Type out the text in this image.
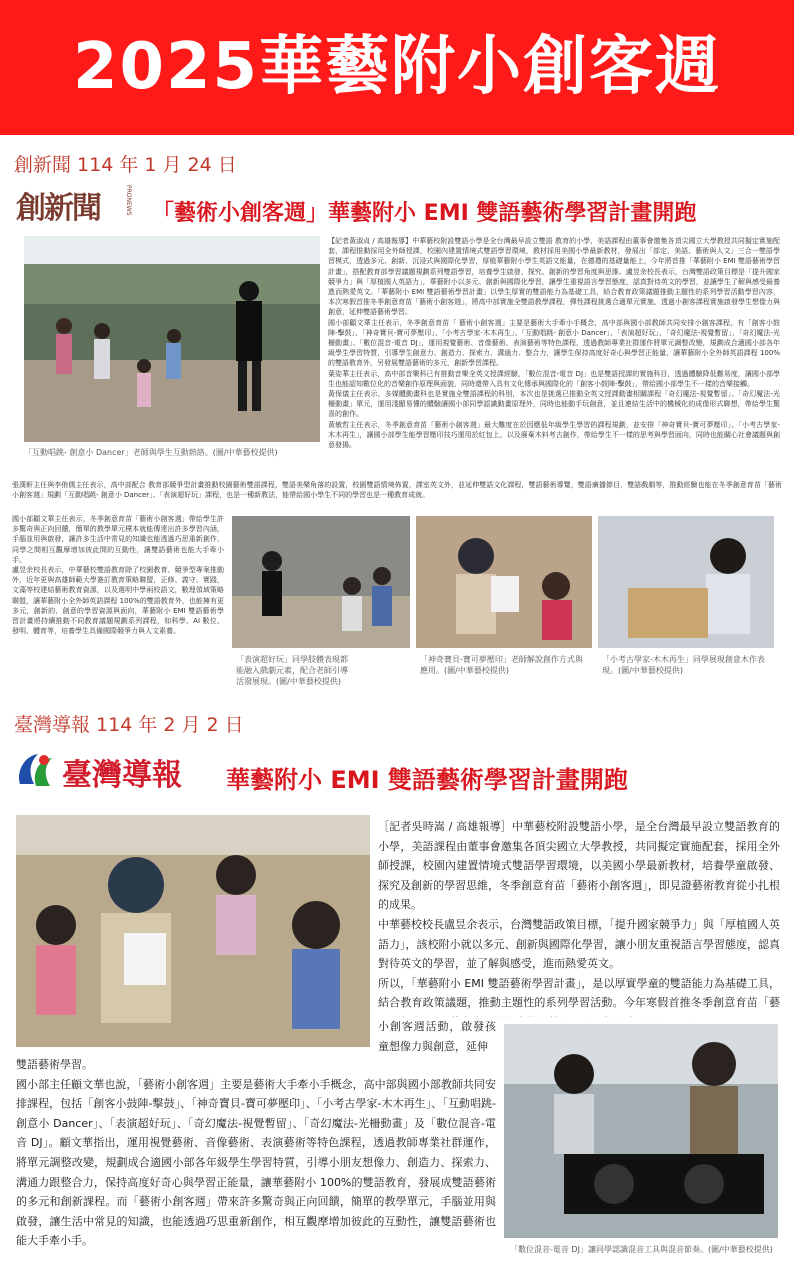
2025華藝附小創客週
創新聞 114 年 1 月 24 日
創新聞	PRONEWS 「藝術小創客週」華藝附小 EMI 雙語藝術學習計畫開跑
「互動唱跳- 創意小 Dancer」老師與學生互動熱絡。(圖/中華藝校提供)

【記者黃淑貞 / 高雄報導】中華藝校附設雙語小學是全台灣最早設立雙語 教育的小學，美語課程由董事會邀集各頂尖國立大學教授共同擬定實施配套，課程推動採用全外師授課，校園內建置情境式雙語學習環境，教材採用美國小學最新教材，發展出「部定、美語、藝術與人文」三合一雙語學習模式，透過多元、創新、沉浸式與國際化學習，厚植華藝附小學生英語文能量，在德禮的基礎量能上，今年將首推「華藝附小 EMI 雙語藝術學習計畫」，搭配教育部學習議題規劃系列雙語學習，培養學生啟發、探究、創新的學習角度與思維。盧昱余校長表示，台灣雙語政策目標是「提升國家競爭力」與「厚植國人英語力」，華藝附小以多元、創新與國際化學習，讓學生重視語言學習態度，認真對待英文的學習，並讓學生了解與感受最養進而熱愛英文。「華藝附小 EMI 雙語藝術學習計畫」以學生厚實的雙語能力為基礎工具，結合教育政策議題推動主題性的系列學習活動學習內容，本次寒假首推冬季創意育苗「藝術小創客週」，將高中部實施全雙語教學課程，彈性課程挑選合適單元實施，透過小創客課程實施啟發學生想像力與創意，延伸雙語藝術學習。

國小部顧文華主任表示，冬季創意育苗「 藝術小創客週」主要是藝術大手牽小手概念，高中部與國小部教師共同安排小創客課程，有「創客小鼓陣-擊鼓」、「神奇寶貝-寶可夢壓印」、「小考古學家-木木再生」、「互動唱跳- 創意小 Dancer」、「表演超好玩」、「奇幻魔法-視覺暫留」、「奇幻魔法-光柵動畫」、「數位混音-電音 DJ」，運用視覺藝術、音像藝術、表演藝術等特色課程，透過教師專業社群運作將單元調整改變，規劃成合適國小部各年級學生學習特質，引導學生創意力、創造力、探索力、溝通力、整合力，讓學生保持高度好奇心與學習正能量，讓華藝附小全外師英語課程 100%的雙語教育外，另發展雙語藝術的多元，創新學習課程。

葉姿華主任表示，高中部音樂科已有推動音樂全英文授課經驗，「數位混音-電音 DJ」也是雙語授課的實施科目，透過體驗降低難易度，讓國小部學生也能認知數位化的音樂創作原理與面貌，同時還帶入具有文化傳承與國際化的「創客小鼓陣-擊鼓」，帶給國小部學生不一樣的音樂接觸。

黃保儀主任表示，多媒體動畫科也是實施全雙語課程的科別，本次也是挑選已推動全英文授課動畫相關課程「奇幻魔法-視覺暫留」、「奇幻魔法-光柵動畫」單元，運用淺顯易懂的體驗讓國小部同學認識動畫原理外，同時也能動手玩創意，並且連結生活中的機械化的成像形式聯想，帶給學生驚喜的創作。

黃敏哲主任表示，冬季創意育苗「藝術小創客週」最大難度在於因應低年級學生學習的課程規劃，並安排「神奇寶貝-寶可夢壓印」、「小考古學家-木木再生」，讓國小部學生能學習壓印技巧運用於紅包上，以及廢棄木料考古創作，帶給學生不一樣的思考與學習面向，同時也能關心社會議題與創意發揚。

張漢軒主任與李侑儒主任表示，高中部配合 教育部競爭型計畫推動校園藝術雙語課程，雙語美樂角落的設置，校園雙語情境佈置，課室英文外，並延伸雙語文化課程，雙語藝術導覽，雙語廣播節目，雙語戲劇等，推動經驗也能在冬季創意育苗「藝術小創客週」規劃「互動唱跳- 創意小 Dancer」、「表演超好玩」課程，也是一種新教法，能帶給國小學生不同的學習也是一種教育成就。

國小部顧文華主任表示，冬季創意育苗「藝術小創客週」帶給學生許多驚奇與正向回饋，簡單的教學單元樸本就能傳達出許多學習內涵，手腦並用與啟發，讓許多生活中常見的知識也能透過巧思重新創作，同學之間相互觀摩增加彼此間的互動性，讓雙語藝術也能大手牽小手。

盧昱余校長表示，中華藝校雙語教育除了校園教育、競爭型專案推動外，近年更與高雄師範大學簽訂教育策略聯盟，正修、義守、實踐，文藻等校建結藝術教育資源，以及選明中學兩校語文，數理領域策略聯盟，讓華藝附小全外師英語課程 100%的雙語教育外，也能擁有更多元，創新的，創意的學習資源與面向，華藝附小 EMI 雙語藝術學習計畫將持續推動不同教育議題規劃系列課程，如科學、AI 數位、發明、體育等，培養學生具備國際競爭力與人文素養。

「表演超好玩」同學肢體表現都能融入戲劇元素，配合老師引導活潑展現。(圖/中華藝校提供)
「神奇寶貝-寶可夢壓印」老師解說創作方式與應用。(圖/中華藝校提供)
「小考古學家-木木再生」同學展現創意木作表現。(圖/中華藝校提供)
臺灣導報 114 年 2 月 2 日
臺灣導報 華藝附小 EMI 雙語藝術學習計畫開跑

［記者吳時嵩 / 高雄報導］中華藝校附設雙語小學，是全台灣最早設立雙語教育的小學，美語課程由董事會邀集各頂尖國立大學教授，共同擬定實施配套，採用全外師授課，校園內建置情境式雙語學習環境，以美國小學最新教材，培養學童啟發、探究及創新的學習思維，冬季創意育苗「藝術小創客週」，即見證藝術教育從小扎根的成果。

中華藝校校長盧昱余表示，台灣雙語政策目標，「提升國家競爭力」與「厚植國人英語力」，該校附小就以多元、創新與國際化學習，讓小朋友重視語言學習態度，認真對待英文的學習，並了解與感受，進而熱愛英文。

所以，「華藝附小 EMI 雙語藝術學習計畫」，是以厚實學童的雙語能力為基礎工具，結合教育政策議題，推動主題性的系列學習活動。今年寒假首推冬季創意育苗「藝

小創客週活動，啟發孩童想像力與創意，延伸

雙語藝術學習。

國小部主任顧文華也說，「藝術小創客週」主要是藝術大手牽小手概念，高中部與國小部教師共同安排課程，包括「創客小鼓陣-擊鼓」、「神奇寶貝-寶可夢壓印」、「小考古學家-木木再生」、「互動唱跳- 創意小 Dancer」、「表演超好玩」、「奇幻魔法-視覺暫留」、「奇幻魔法-光柵動畫」及「數位混音-電音 DJ」。顧文華指出，運用視覺藝術、音像藝術、表演藝術等特色課程，透過教師專業社群運作，將單元調整改變，規劃成合適國小部各年級學生學習特質，引導小朋友想像力、創造力、探索力、溝通力跟整合力，保持高度好奇心與學習正能量，讓華藝附小 100%的雙語教育，發展成雙語藝術的多元和創新課程。而「藝術小創客週」帶來許多驚奇與正向回饋，簡單的教學單元，手腦並用與啟發，讓生活中常見的知識，也能透過巧思重新創作，相互觀摩增加彼此的互動性，讓雙語藝術也能大手牽小手。

「數位混音-電音 DJ」讓同學認識混音工具與混音節奏。(圖/中華藝校提供)
